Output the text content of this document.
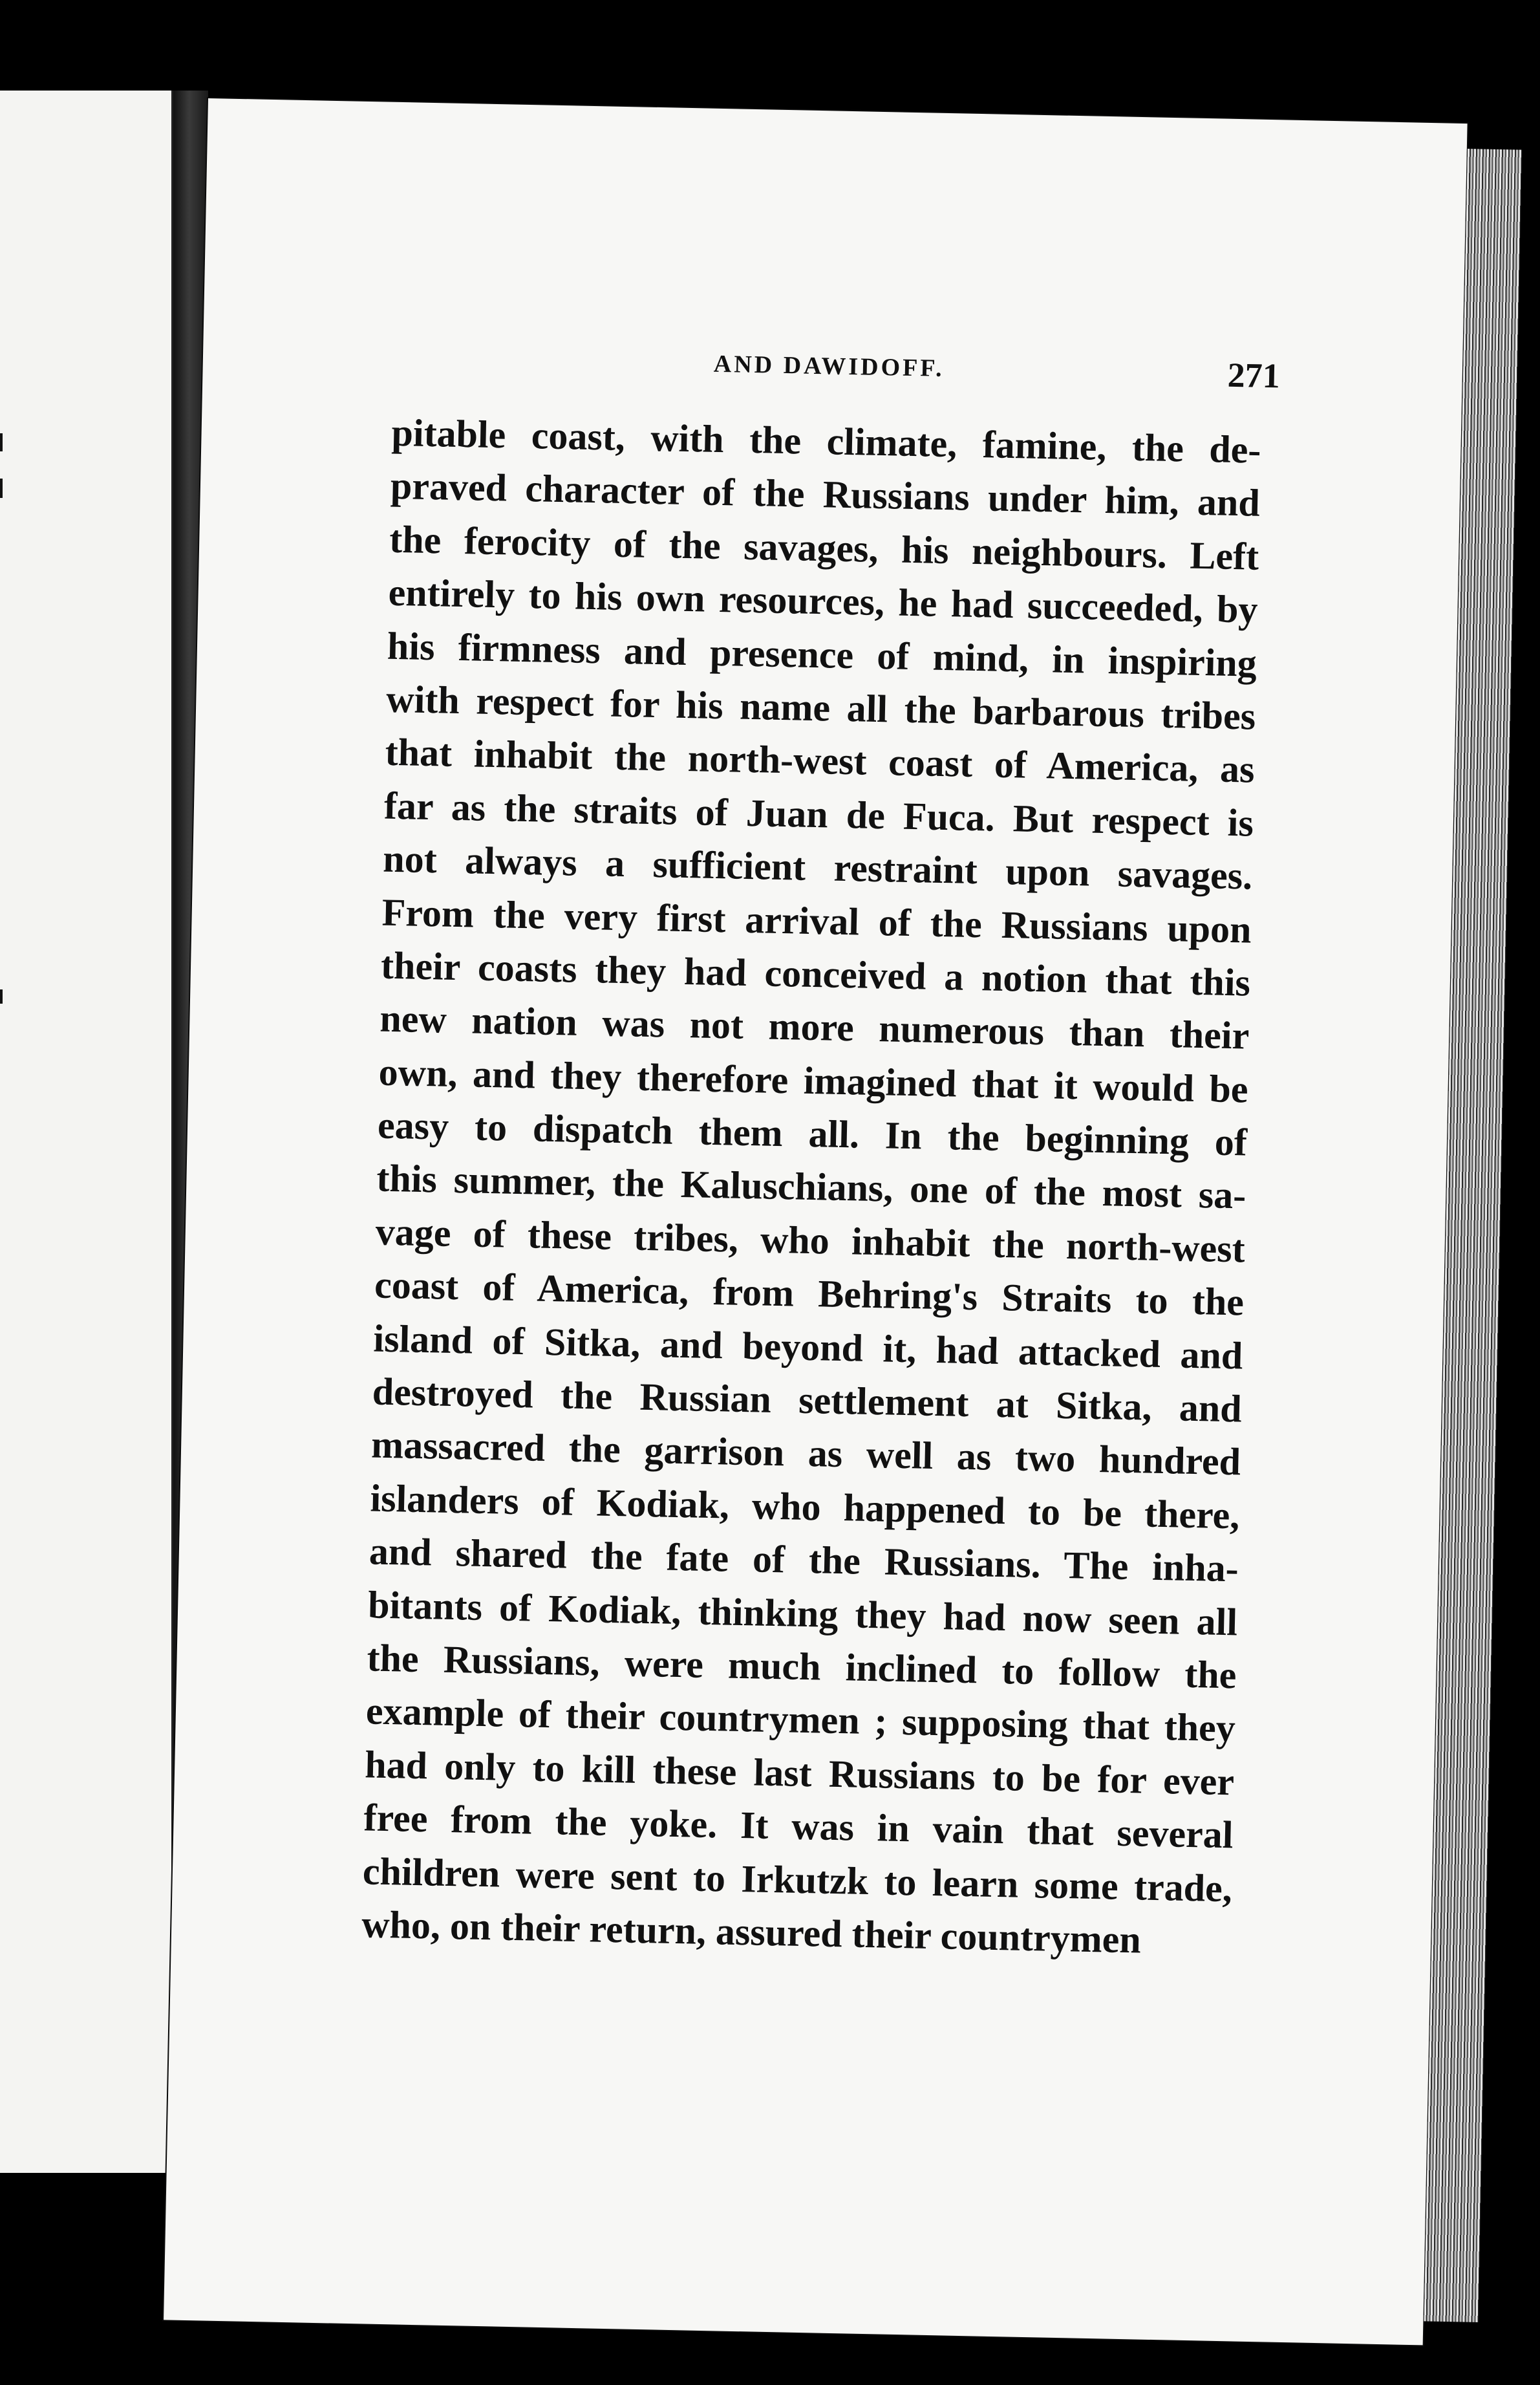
AND DAWIDOFF.	271
pitable coast, with the climate, famine, the de-
praved character of the Russians under him, and
the ferocity of the savages, his neighbours. Left
entirely to his own resources, he had succeeded, by
his firmness and presence of mind, in inspiring
with respect for his name all the barbarous tribes
that inhabit the north-west coast of America, as
far as the straits of Juan de Fuca. But respect is
not always a sufficient restraint upon savages.
From the very first arrival of the Russians upon
their coasts they had conceived a notion that this
new nation was not more numerous than their
own, and they therefore imagined that it would be
easy to dispatch them all. In the beginning of
this summer, the Kaluschians, one of the most sa-
vage of these tribes, who inhabit the north-west
coast of America, from Behring's Straits to the
island of Sitka, and beyond it, had attacked and
destroyed the Russian settlement at Sitka, and
massacred the garrison as well as two hundred
islanders of Kodiak, who happened to be there,
and shared the fate of the Russians. The inha-
bitants of Kodiak, thinking they had now seen all
the Russians, were much inclined to follow the
example of their countrymen ; supposing that they
had only to kill these last Russians to be for ever
free from the yoke. It was in vain that several
children were sent to Irkutzk to learn some trade,
who, on their return, assured their countrymen
